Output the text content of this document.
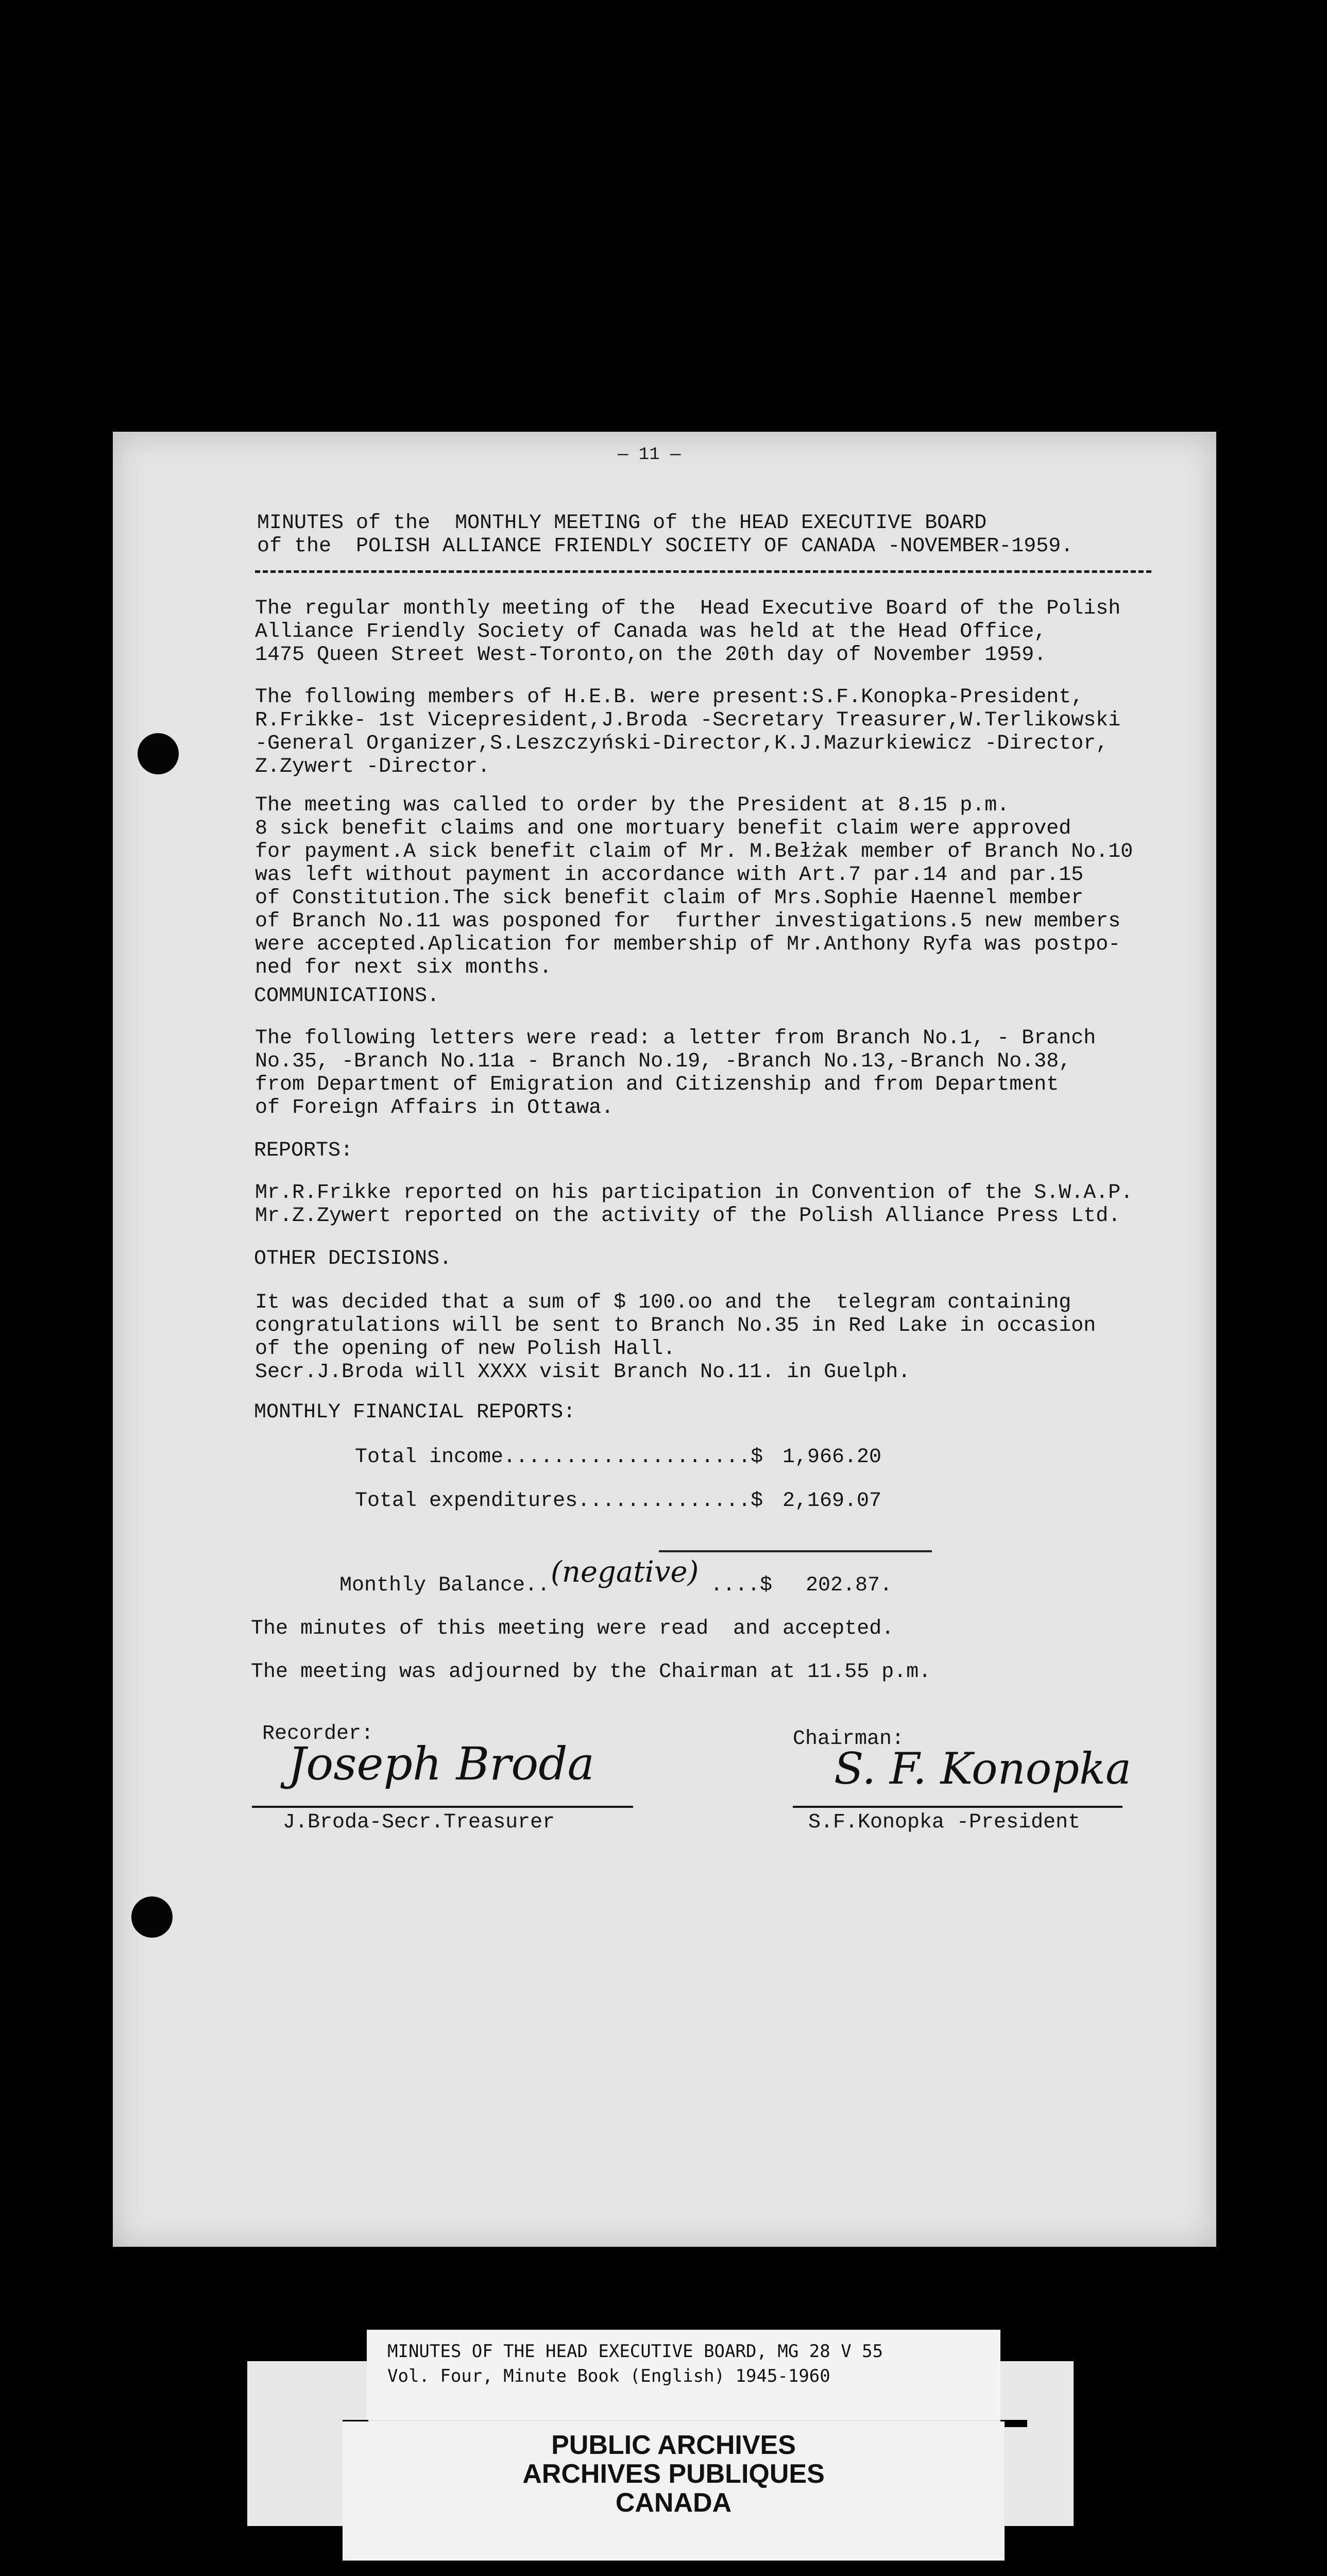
— 11 —
MINUTES of the  MONTHLY MEETING of the HEAD EXECUTIVE BOARD
of the  POLISH ALLIANCE FRIENDLY SOCIETY OF CANADA -NOVEMBER-1959.
The regular monthly meeting of the  Head Executive Board of the Polish
Alliance Friendly Society of Canada was held at the Head Office,
1475 Queen Street West-Toronto,on the 20th day of November 1959.
The following members of H.E.B. were present:S.F.Konopka-President,
R.Frikke- 1st Vicepresident,J.Broda -Secretary Treasurer,W.Terlikowski
-General Organizer,S.Leszczyński-Director,K.J.Mazurkiewicz -Director,
Z.Zywert -Director.
The meeting was called to order by the President at 8.15 p.m.
8 sick benefit claims and one mortuary benefit claim were approved
for payment.A sick benefit claim of Mr. M.Bełżak member of Branch No.10
was left without payment in accordance with Art.7 par.14 and par.15
of Constitution.The sick benefit claim of Mrs.Sophie Haennel member
of Branch No.11 was posponed for  further investigations.5 new members
were accepted.Aplication for membership of Mr.Anthony Ryfa was postpo-
ned for next six months.
COMMUNICATIONS.
The following letters were read: a letter from Branch No.1, - Branch
No.35, -Branch No.11a - Branch No.19, -Branch No.13,-Branch No.38,
from Department of Emigration and Citizenship and from Department
of Foreign Affairs in Ottawa.
REPORTS:
Mr.R.Frikke reported on his participation in Convention of the S.W.A.P.
Mr.Z.Zywert reported on the activity of the Polish Alliance Press Ltd.
OTHER DECISIONS.
It was decided that a sum of $ 100.oo and the  telegram containing
congratulations will be sent to Branch No.35 in Red Lake in occasion
of the opening of new Polish Hall.
Secr.J.Broda will XXXX visit Branch No.11. in Guelph.
MONTHLY FINANCIAL REPORTS:
Total income....................$ 1,966.20
Total expenditures..............$ 2,169.07
Monthly Balance.. (negative) ....$ 202.87.
The minutes of this meeting were read  and accepted.
The meeting was adjourned by the Chairman at 11.55 p.m.
Recorder:	Chairman:
Joseph Broda
J.Broda-Secr.Treasurer
S. F. Konopka
S.F.Konopka -President
MINUTES OF THE HEAD EXECUTIVE BOARD, MG 28 V 55
Vol. Four, Minute Book (English) 1945-1960
PUBLIC ARCHIVES
ARCHIVES PUBLIQUES
CANADA
